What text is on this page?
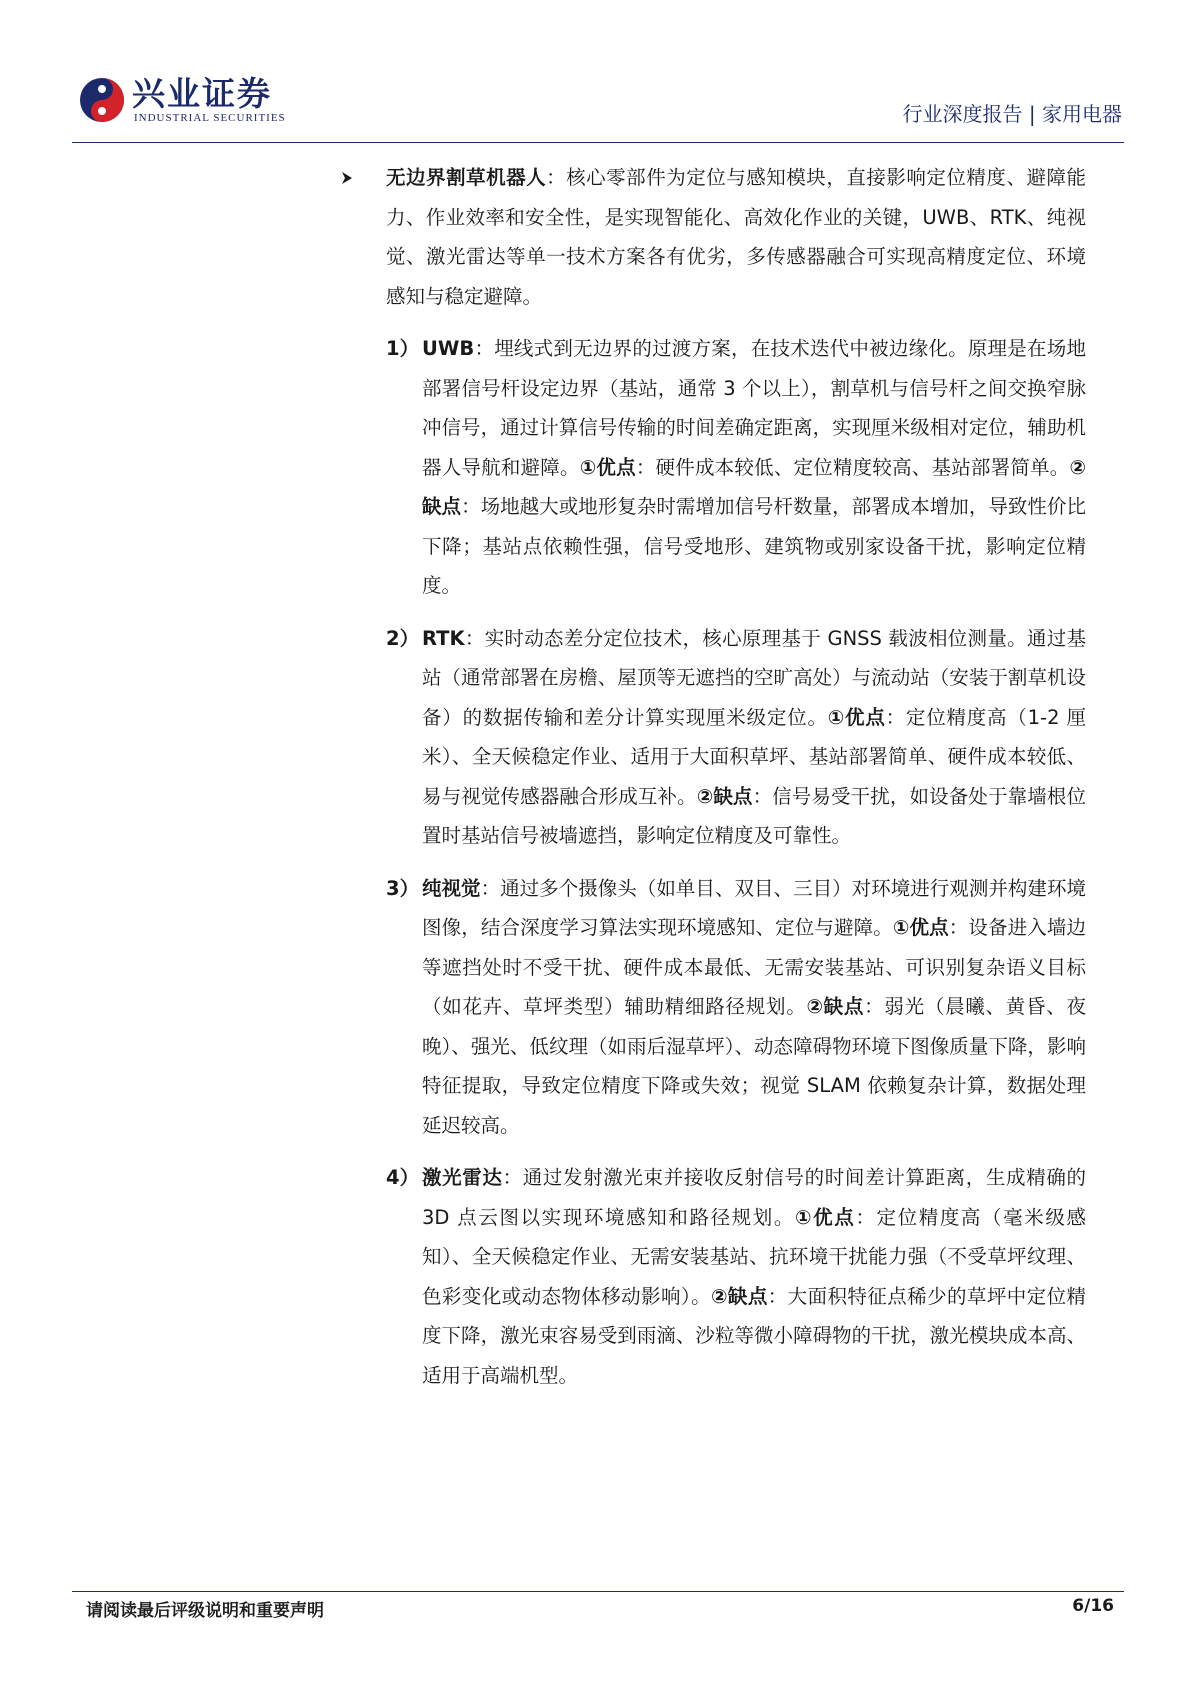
兴业证券
INDUSTRIAL SECURITIES	行业深度报告 | 家用电器
无边界割草机器人：核心零部件为定位与感知模块，直接影响定位精度、避障能力、作业效率和安全性，是实现智能化、高效化作业的关键，UWB、RTK、纯视觉、激光雷达等单一技术方案各有优劣，多传感器融合可实现高精度定位、环境感知与稳定避障。
1） UWB：埋线式到无边界的过渡方案，在技术迭代中被边缘化。原理是在场地部署信号杆设定边界（基站，通常 3 个以上），割草机与信号杆之间交换窄脉冲信号，通过计算信号传输的时间差确定距离，实现厘米级相对定位，辅助机器人导航和避障。①优点：硬件成本较低、定位精度较高、基站部署简单。②缺点：场地越大或地形复杂时需增加信号杆数量，部署成本增加，导致性价比下降；基站点依赖性强，信号受地形、建筑物或别家设备干扰，影响定位精度。
2） RTK：实时动态差分定位技术，核心原理基于 GNSS 载波相位测量。通过基站（通常部署在房檐、屋顶等无遮挡的空旷高处）与流动站（安装于割草机设备）的数据传输和差分计算实现厘米级定位。①优点：定位精度高（1-2 厘米）、全天候稳定作业、适用于大面积草坪、基站部署简单、硬件成本较低、易与视觉传感器融合形成互补。②缺点：信号易受干扰，如设备处于靠墙根位置时基站信号被墙遮挡，影响定位精度及可靠性。
3） 纯视觉：通过多个摄像头（如单目、双目、三目）对环境进行观测并构建环境图像，结合深度学习算法实现环境感知、定位与避障。①优点：设备进入墙边等遮挡处时不受干扰、硬件成本最低、无需安装基站、可识别复杂语义目标（如花卉、草坪类型）辅助精细路径规划。②缺点：弱光（晨曦、黄昏、夜晚）、强光、低纹理（如雨后湿草坪）、动态障碍物环境下图像质量下降，影响特征提取，导致定位精度下降或失效；视觉 SLAM 依赖复杂计算，数据处理延迟较高。
4） 激光雷达：通过发射激光束并接收反射信号的时间差计算距离，生成精确的 3D 点云图以实现环境感知和路径规划。①优点：定位精度高（毫米级感知）、全天候稳定作业、无需安装基站、抗环境干扰能力强（不受草坪纹理、色彩变化或动态物体移动影响）。②缺点：大面积特征点稀少的草坪中定位精度下降，激光束容易受到雨滴、沙粒等微小障碍物的干扰，激光模块成本高、适用于高端机型。
请阅读最后评级说明和重要声明	6/16
